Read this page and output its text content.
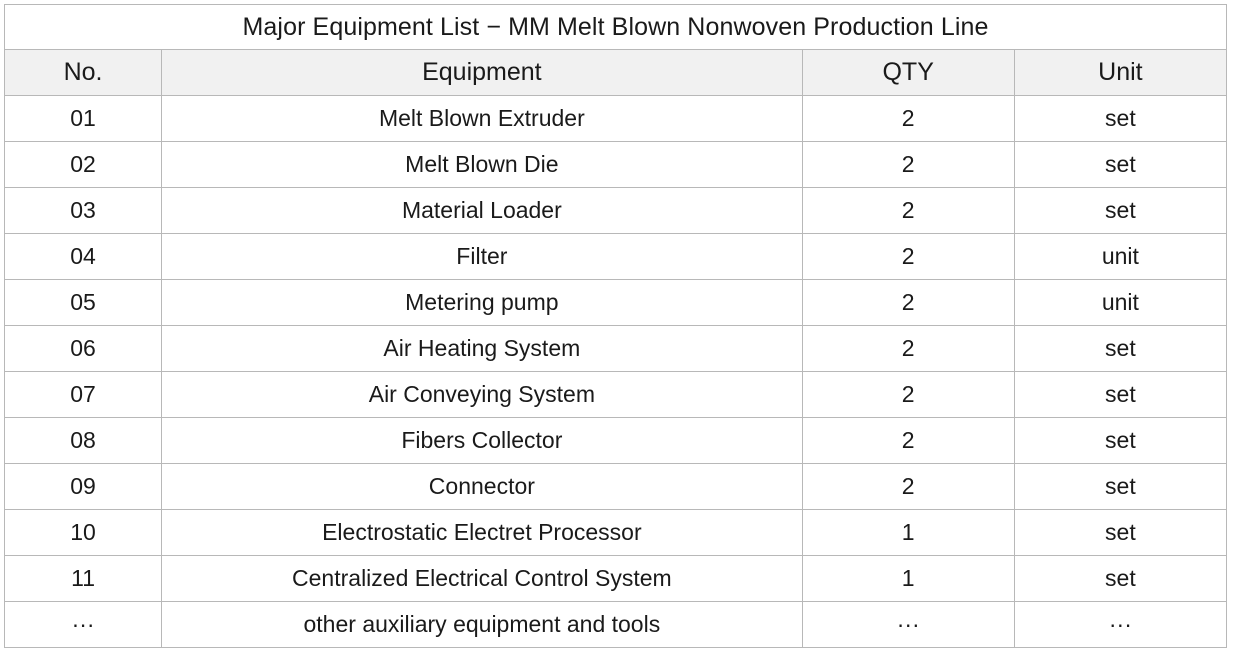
Major Equipment List − MM Melt Blown Nonwoven Production Line			
No.	Equipment	QTY	Unit
01	Melt Blown Extruder	2	set
02	Melt Blown Die	2	set
03	Material Loader	2	set
04	Filter	2	unit
05	Metering pump	2	unit
06	Air Heating System	2	set
07	Air Conveying System	2	set
08	Fibers Collector	2	set
09	Connector	2	set
10	Electrostatic Electret Processor	1	set
11	Centralized Electrical Control System	1	set
···	other auxiliary equipment and tools	···	···
